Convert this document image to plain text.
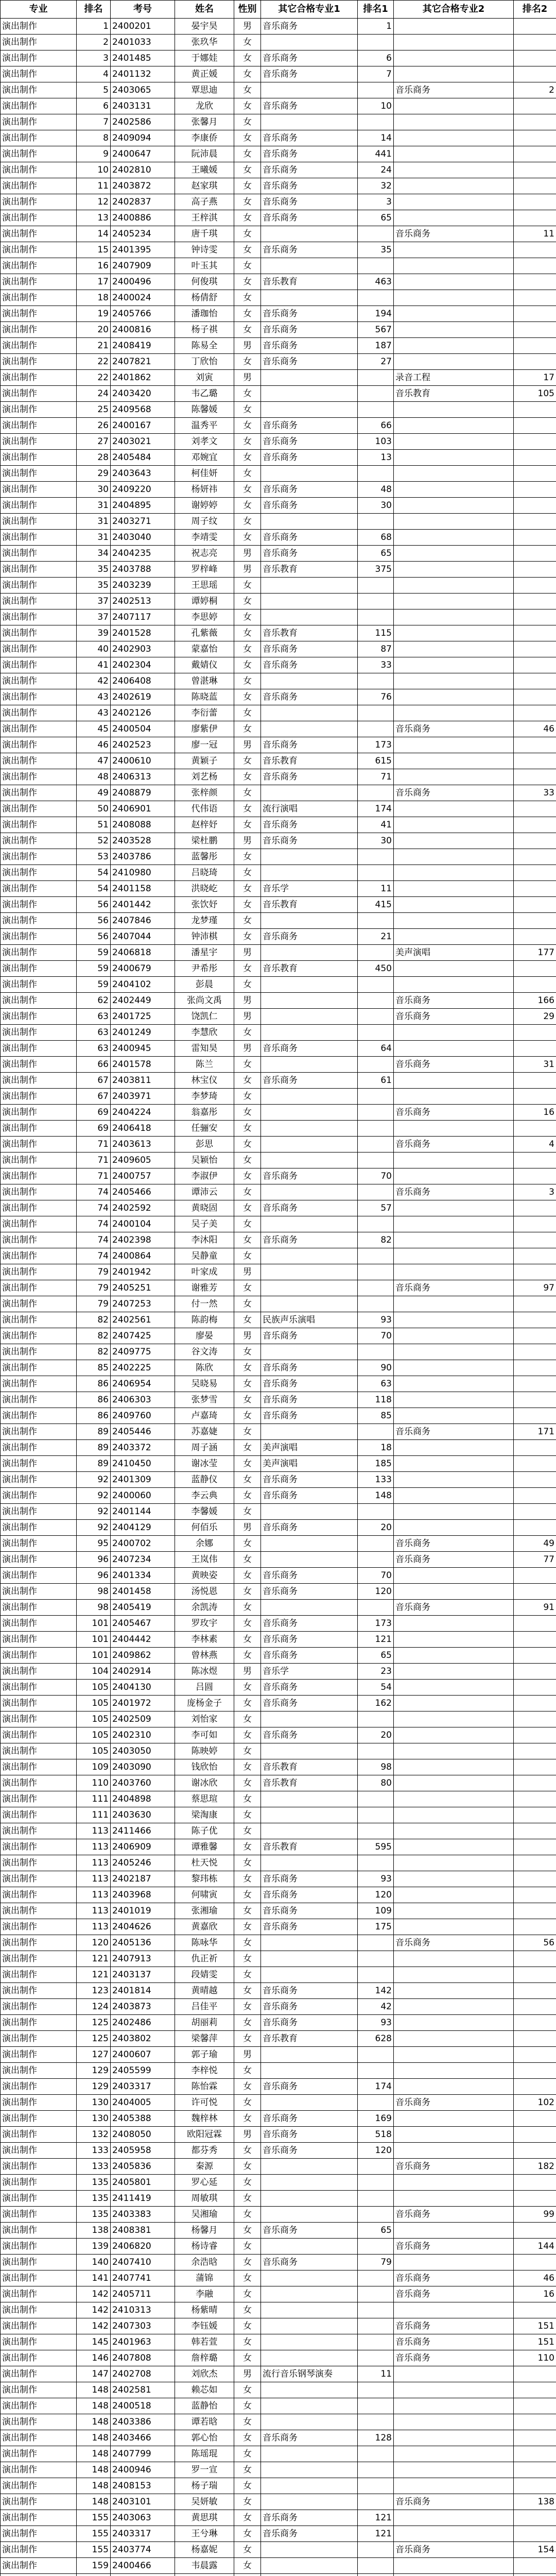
专业	排名	考号	姓名	性别	其它合格专业1	排名1	其它合格专业2	排名2
演出制作	1	2400201	晏宇昊	男	音乐商务	1		
演出制作	2	2401033	张玖华	女				
演出制作	3	2401485	于娜娃	女	音乐商务	6		
演出制作	4	2401132	黄正媛	女	音乐商务	7		
演出制作	5	2403065	覃思迪	女			音乐商务	2
演出制作	6	2403131	龙欣	女	音乐商务	10		
演出制作	7	2402586	张馨月	女				
演出制作	8	2409094	李康侨	女	音乐商务	14		
演出制作	9	2400647	阮沛晨	女	音乐商务	441		
演出制作	10	2402810	王曦媛	女	音乐商务	24		
演出制作	11	2403872	赵家琪	女	音乐商务	32		
演出制作	12	2402837	高子燕	女	音乐商务	3		
演出制作	13	2400886	王梓淇	女	音乐商务	65		
演出制作	14	2405234	唐千琪	女			音乐商务	11
演出制作	15	2401395	钟诗雯	女	音乐商务	35		
演出制作	16	2407909	叶玉其	女				
演出制作	17	2400496	何俊琪	女	音乐教育	463		
演出制作	18	2400024	杨倩舒	女				
演出制作	19	2405766	潘珈怡	女	音乐商务	194		
演出制作	20	2400816	杨子祺	女	音乐商务	567		
演出制作	21	2408419	陈易全	男	音乐商务	187		
演出制作	22	2407821	丁欣怡	女	音乐商务	27		
演出制作	22	2401862	刘寅	男			录音工程	17
演出制作	24	2403420	韦乙璐	女			音乐教育	105
演出制作	25	2409568	陈馨媛	女				
演出制作	26	2400167	温秀平	女	音乐商务	66		
演出制作	27	2403021	刘孝文	女	音乐商务	103		
演出制作	28	2405484	邓婉宜	女	音乐商务	13		
演出制作	29	2403643	柯佳妍	女				
演出制作	30	2409220	杨妍祎	女	音乐商务	48		
演出制作	31	2404895	谢婷婷	女	音乐商务	30		
演出制作	31	2403271	周子纹	女				
演出制作	31	2403040	李靖雯	女	音乐商务	68		
演出制作	34	2404235	祝志亮	男	音乐商务	65		
演出制作	35	2403788	罗梓峰	男	音乐教育	375		
演出制作	35	2403239	王思瑶	女				
演出制作	37	2402513	谭婷桐	女				
演出制作	37	2407117	李思婷	女				
演出制作	39	2401528	孔紫薇	女	音乐教育	115		
演出制作	40	2402903	蒙嘉怡	女	音乐商务	87		
演出制作	41	2402304	戴婧仪	女	音乐商务	33		
演出制作	42	2406408	曾湛琳	女				
演出制作	43	2402619	陈晓蓝	女	音乐商务	76		
演出制作	43	2402126	李衍蕾	女				
演出制作	45	2400504	廖紫伊	女			音乐商务	46
演出制作	46	2402523	廖一冠	男	音乐商务	173		
演出制作	47	2400610	黄颖子	女	音乐教育	615		
演出制作	48	2406313	刘艺杨	女	音乐商务	71		
演出制作	49	2408879	张梓颜	女			音乐商务	33
演出制作	50	2406901	代伟语	女	流行演唱	174		
演出制作	51	2408088	赵梓妤	女	音乐商务	41		
演出制作	52	2403528	梁杜鹏	男	音乐商务	30		
演出制作	53	2403786	蓝馨彤	女				
演出制作	54	2410980	吕晓琦	女				
演出制作	54	2401158	洪晓屹	女	音乐学	11		
演出制作	56	2401442	张饮妤	女	音乐教育	415		
演出制作	56	2407846	龙梦瑾	女				
演出制作	56	2407044	钟沛棋	女	音乐商务	21		
演出制作	59	2406818	潘星宇	男			美声演唱	177
演出制作	59	2400679	尹希彤	女	音乐教育	450		
演出制作	59	2404102	彭晨	女				
演出制作	62	2402449	张尚文禹	男			音乐商务	166
演出制作	63	2401725	饶凯仁	男			音乐商务	29
演出制作	63	2401249	李慧欣	女				
演出制作	63	2400945	雷知昊	男	音乐商务	64		
演出制作	66	2401578	陈兰	女			音乐商务	31
演出制作	67	2403811	林宝仪	女	音乐商务	61		
演出制作	67	2403971	李梦琦	女				
演出制作	69	2404224	翁嘉彤	女			音乐商务	16
演出制作	69	2406418	任骊安	女				
演出制作	71	2403613	彭思	女			音乐商务	4
演出制作	71	2409605	吴颖怡	女				
演出制作	71	2400757	李淑伊	女	音乐商务	70		
演出制作	74	2405466	谭沛云	女			音乐商务	3
演出制作	74	2402592	黄晓固	女	音乐商务	57		
演出制作	74	2400104	吴子美	女				
演出制作	74	2402398	李沐阳	女	音乐商务	82		
演出制作	74	2400864	吴静童	女				
演出制作	79	2401942	叶家成	男				
演出制作	79	2405251	谢雅芳	女			音乐商务	97
演出制作	79	2407253	付一然	女				
演出制作	82	2402561	陈韵梅	女	民族声乐演唱	93		
演出制作	82	2407425	廖晏	男	音乐商务	70		
演出制作	82	2409775	谷文涛	女				
演出制作	85	2402225	陈欣	女	音乐商务	90		
演出制作	86	2406954	吴晓易	女	音乐商务	63		
演出制作	86	2406303	张梦雪	女	音乐商务	118		
演出制作	86	2409760	卢嘉琦	女	音乐商务	85		
演出制作	89	2405446	苏嘉婕	女			音乐商务	171
演出制作	89	2403372	周子涵	女	美声演唱	18		
演出制作	89	2410450	谢冰莹	女	美声演唱	185		
演出制作	92	2401309	蓝静仪	女	音乐商务	133		
演出制作	92	2400060	李云典	女	音乐商务	148		
演出制作	92	2401144	李馨媛	女				
演出制作	92	2404129	何佰乐	男	音乐商务	20		
演出制作	95	2400702	余娜	女			音乐商务	49
演出制作	96	2407234	王岚伟	女			音乐商务	77
演出制作	96	2401334	黄映姿	女	音乐商务	70		
演出制作	98	2401458	汤悦恩	女	音乐商务	120		
演出制作	98	2405419	余凯涛	女			音乐商务	91
演出制作	101	2405467	罗玫宇	女	音乐商务	173		
演出制作	101	2404442	李林素	女	音乐商务	121		
演出制作	101	2409862	曾林燕	女	音乐商务	65		
演出制作	104	2402914	陈冰煜	男	音乐学	23		
演出制作	105	2404130	吕圆	女	音乐商务	54		
演出制作	105	2401972	庞杨金子	女	音乐商务	162		
演出制作	105	2402509	刘怡家	女				
演出制作	105	2402310	李可如	女	音乐商务	20		
演出制作	105	2403050	陈映婷	女				
演出制作	109	2403090	钱欣怡	女	音乐教育	98		
演出制作	110	2403760	谢冰欣	女	音乐教育	80		
演出制作	111	2404898	蔡思瑄	女				
演出制作	111	2403630	梁淘康	女				
演出制作	113	2411466	陈子优	女				
演出制作	113	2406909	谭雅馨	女	音乐教育	595		
演出制作	113	2405246	杜天悦	女				
演出制作	113	2402187	黎玮栋	女	音乐商务	93		
演出制作	113	2403968	何啸寅	女	音乐商务	120		
演出制作	113	2401019	张湘瑜	女	音乐商务	109		
演出制作	113	2404626	黄嘉欣	女	音乐商务	175		
演出制作	120	2405136	陈咏华	女			音乐商务	56
演出制作	121	2407913	仇正祈	女				
演出制作	121	2403137	段婧雯	女				
演出制作	123	2401814	黄晴越	女	音乐商务	142		
演出制作	124	2403873	吕佳平	女	音乐商务	42		
演出制作	125	2402486	胡丽莉	女	音乐商务	93		
演出制作	125	2403802	梁馨萍	女	音乐教育	628		
演出制作	127	2400607	郭子瑜	男				
演出制作	129	2405599	李梓悦	女				
演出制作	129	2403317	陈怡霖	女	音乐商务	174		
演出制作	130	2404005	许可悦	女			音乐商务	102
演出制作	130	2405388	魏梓林	女	音乐商务	169		
演出制作	132	2408050	欧阳冠霖	男	音乐商务	518		
演出制作	133	2405958	都芬秀	女	音乐商务	120		
演出制作	133	2405836	秦源	女			音乐商务	182
演出制作	135	2405801	罗心延	女				
演出制作	135	2411419	周敏琪	女				
演出制作	135	2403383	吴湘瑜	女			音乐商务	99
演出制作	138	2408381	杨馨月	女	音乐商务	65		
演出制作	139	2406820	杨诗睿	女			音乐商务	144
演出制作	140	2407410	余浩晗	女	音乐商务	79		
演出制作	141	2407741	蒲锦	女			音乐商务	46
演出制作	142	2405711	李融	女			音乐商务	16
演出制作	142	2410313	杨紫晴	女				
演出制作	142	2407303	李钰媛	女			音乐商务	151
演出制作	145	2401963	韩若萱	女			音乐商务	151
演出制作	146	2407808	詹梓璐	女			音乐商务	110
演出制作	147	2402708	刘欣杰	男	流行音乐钢琴演奏	11		
演出制作	148	2402581	赖芯如	女				
演出制作	148	2400518	蓝静怡	女				
演出制作	148	2403386	谭若晗	女				
演出制作	148	2403466	郭心怡	女	音乐商务	128		
演出制作	148	2407799	陈瑶琨	女				
演出制作	148	2400946	罗一宣	女				
演出制作	148	2408153	杨子瑞	女				
演出制作	148	2403101	吴妍敏	女			音乐商务	138
演出制作	155	2403063	黄思琪	女	音乐商务	121		
演出制作	155	2403317	王兮琳	女	音乐商务	121		
演出制作	155	2403774	杨嘉妮	女			音乐商务	154
演出制作	159	2400466	韦晨露	女				
